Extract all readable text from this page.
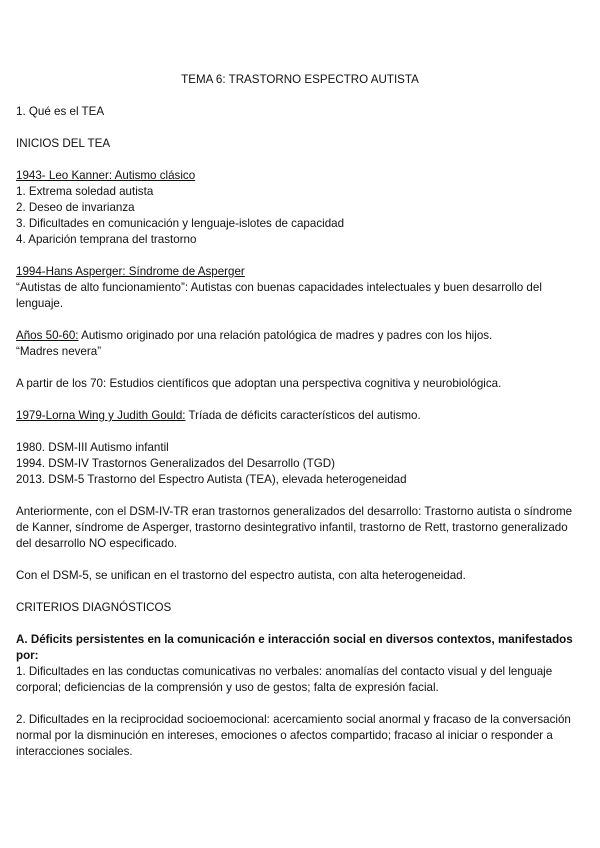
TEMA 6: TRASTORNO ESPECTRO AUTISTA
1. Qué es el TEA
INICIOS DEL TEA
1943- Leo Kanner: Autismo clásico
1. Extrema soledad autista
2. Deseo de invarianza
3. Dificultades en comunicación y lenguaje-islotes de capacidad
4. Aparición temprana del trastorno
1994-Hans Asperger: Síndrome de Asperger
“Autistas de alto funcionamiento”: Autistas con buenas capacidades intelectuales y buen desarrollo del lenguaje.
Años 50-60: Autismo originado por una relación patológica de madres y padres con los hijos.
“Madres nevera”
A partir de los 70: Estudios científicos que adoptan una perspectiva cognitiva y neurobiológica.
1979-Lorna Wing y Judith Gould: Tríada de déficits característicos del autismo.
1980. DSM-III Autismo infantil
1994. DSM-IV Trastornos Generalizados del Desarrollo (TGD)
2013. DSM-5 Trastorno del Espectro Autista (TEA), elevada heterogeneidad
Anteriormente, con el DSM-IV-TR eran trastornos generalizados del desarrollo: Trastorno autista o síndrome de Kanner, síndrome de Asperger, trastorno desintegrativo infantil, trastorno de Rett, trastorno generalizado del desarrollo NO especificado.
Con el DSM-5, se unifican en el trastorno del espectro autista, con alta heterogeneidad.
CRITERIOS DIAGNÓSTICOS
A. Déficits persistentes en la comunicación e interacción social en diversos contextos, manifestados por:
1. Dificultades en las conductas comunicativas no verbales: anomalías del contacto visual y del lenguaje corporal; deficiencias de la comprensión y uso de gestos; falta de expresión facial.
2. Dificultades en la reciprocidad socioemocional: acercamiento social anormal y fracaso de la conversación normal por la disminución en intereses, emociones o afectos compartido; fracaso al iniciar o responder a interacciones sociales.
